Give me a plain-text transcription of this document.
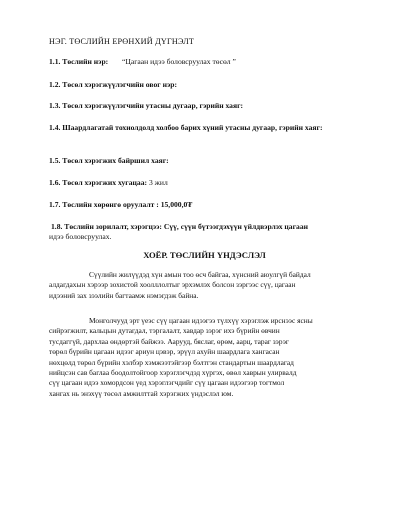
НЭГ. ТӨСЛИЙН ЕРӨНХИЙ ДҮГНЭЛТ
1.1. Төслийн нэр: “Цагаан идээ боловсруулах төсөл ”
1.2. Төсөл хэрэгжүүлэгчийн овог нэр:
1.3. Төсөл хэрэгжүүлэгчийн утасны дугаар, гэрийн хаяг:
1.4. Шаардлагатай тохиолдолд холбоо барих хүний утасны дугаар, гэрийн хаяг:
1.5. Төсөл хэрэгжих байршил хаяг:
1.6. Төсөл хэрэгжих хугацаа: 3 жил
1.7. Төслийн хөрөнгө оруулалт : 15,000,0₮
1.8. Төслийн зорилалт, хэрэгцээ: Сүү, сүүн бүтээгдэхүүн үйлдвэрлэх цагаан
идээ боловсруулах.
ХОЁР. ТӨСЛИЙН ҮНДЭСЛЭЛ
Сүүлийн жилүүдэд хүн амын тоо өсч байгаа, хүнсний аюулгүй байдал
алдагдахын хэрээр зохистой хоолллолтыг эрхэмлэх болсон зэргээс сүү, цагаан
идээний зах зээлийн багтаамж нэмэгдэж байна.
Монголчууд эрт үеэс сүү цагаан идээгээ түлхүү хэрэглэж ирснээс ясны
сийрэгжилт, кальцын дутагдал, тэргалалт, хавдар зэрэг ихэ бүрийн өвчин
тусдаггүй, дархлаа өндөртэй байжээ. Аарууд, бяслаг, өрөм, аарц, тараг зэрэг
төрөл бүрийн цагаан идээг ариун цэвэр, эрүүл ахуйн шаардлага хангасан
нөхцөлд төрөл бүрийн хэлбэр хэмжээтэйгээр бэлтгэн стандартын шаардлагад
нийцсэн сав баглаа боодолтойгоор хэрэглэгчдэд хүргэх, өвөл хаврын улирвалд
сүү цагаан идээ хомордсон үед хэрэглэгчдийг сүү цагаан идээгээр тогтмол
хангах нь энэхүү төсөл амжилттай хэрэгжих үндэслэл юм.
